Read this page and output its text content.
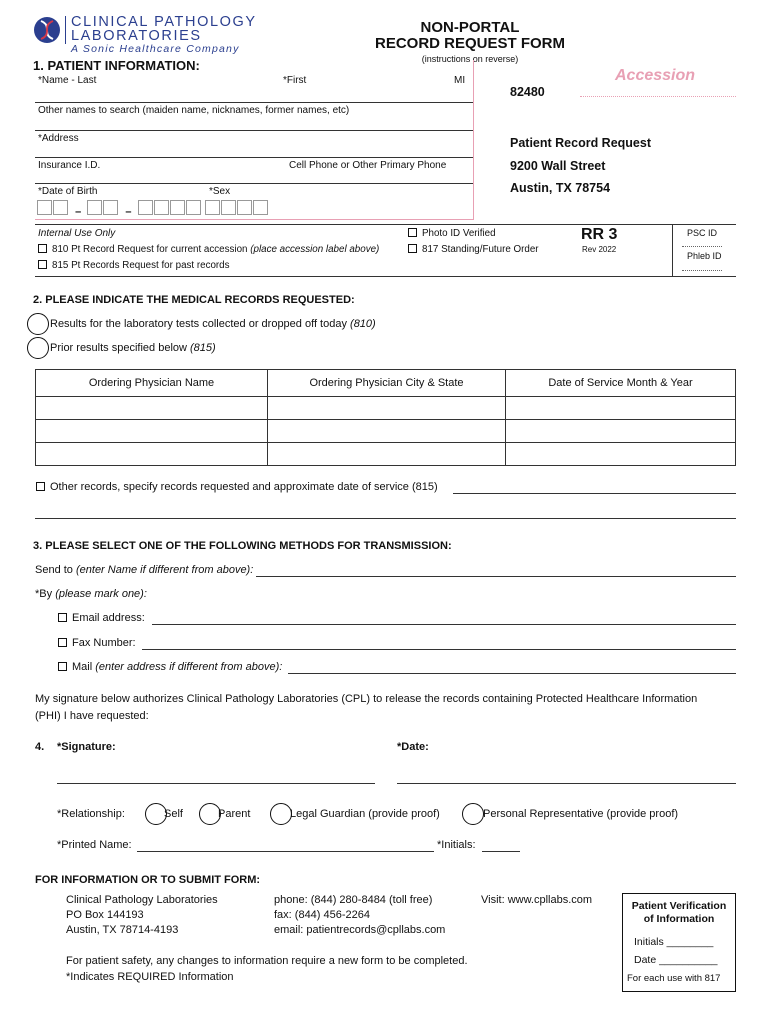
CLINICAL PATHOLOGY
LABORATORIES
A Sonic Healthcare Company
NON-PORTAL
RECORD REQUEST FORM
(instructions on reverse)
1. PATIENT INFORMATION:
*Name - Last	*First	MI
Other names to search (maiden name, nicknames, former names, etc)
*Address
Insurance I.D.	Cell Phone or Other Primary Phone
*Date of Birth	*Sex
–	–
Accession
82480
Patient Record Request
9200 Wall Street
Austin, TX 78754
Internal Use Only
810 Pt Record Request for current accession (place accession label above)
815 Pt Records Request for past records
Photo ID Verified
817 Standing/Future Order
RR 3
Rev 2022
PSC ID
Phleb ID
2. PLEASE INDICATE THE MEDICAL RECORDS REQUESTED:
Results for the laboratory tests collected or dropped off today (810)
Prior results specified below (815)
Ordering Physician Name	Ordering Physician City & State	Date of Service Month & Year

Other records, specify records requested and approximate date of service (815)
3. PLEASE SELECT ONE OF THE FOLLOWING METHODS FOR TRANSMISSION:
Send to (enter Name if different from above):
*By (please mark one):
Email address:
Fax Number:
Mail (enter address if different from above):
My signature below authorizes Clinical Pathology Laboratories (CPL) to release the records containing Protected Healthcare Information (PHI) I have requested:
4. *Signature:	*Date:
*Relationship:	Self	Parent	Legal Guardian (provide proof)	Personal Representative (provide proof)
*Printed Name:	*Initials:
FOR INFORMATION OR TO SUBMIT FORM:
Clinical Pathology Laboratories
PO Box 144193
Austin, TX 78714-4193
phone: (844) 280-8484 (toll free)
fax: (844) 456-2264
email: patientrecords@cpllabs.com
Visit: www.cpllabs.com
For patient safety, any changes to information require a new form to be completed.
*Indicates REQUIRED Information
Patient Verification of Information
Initials ________
Date __________
For each use with 817
